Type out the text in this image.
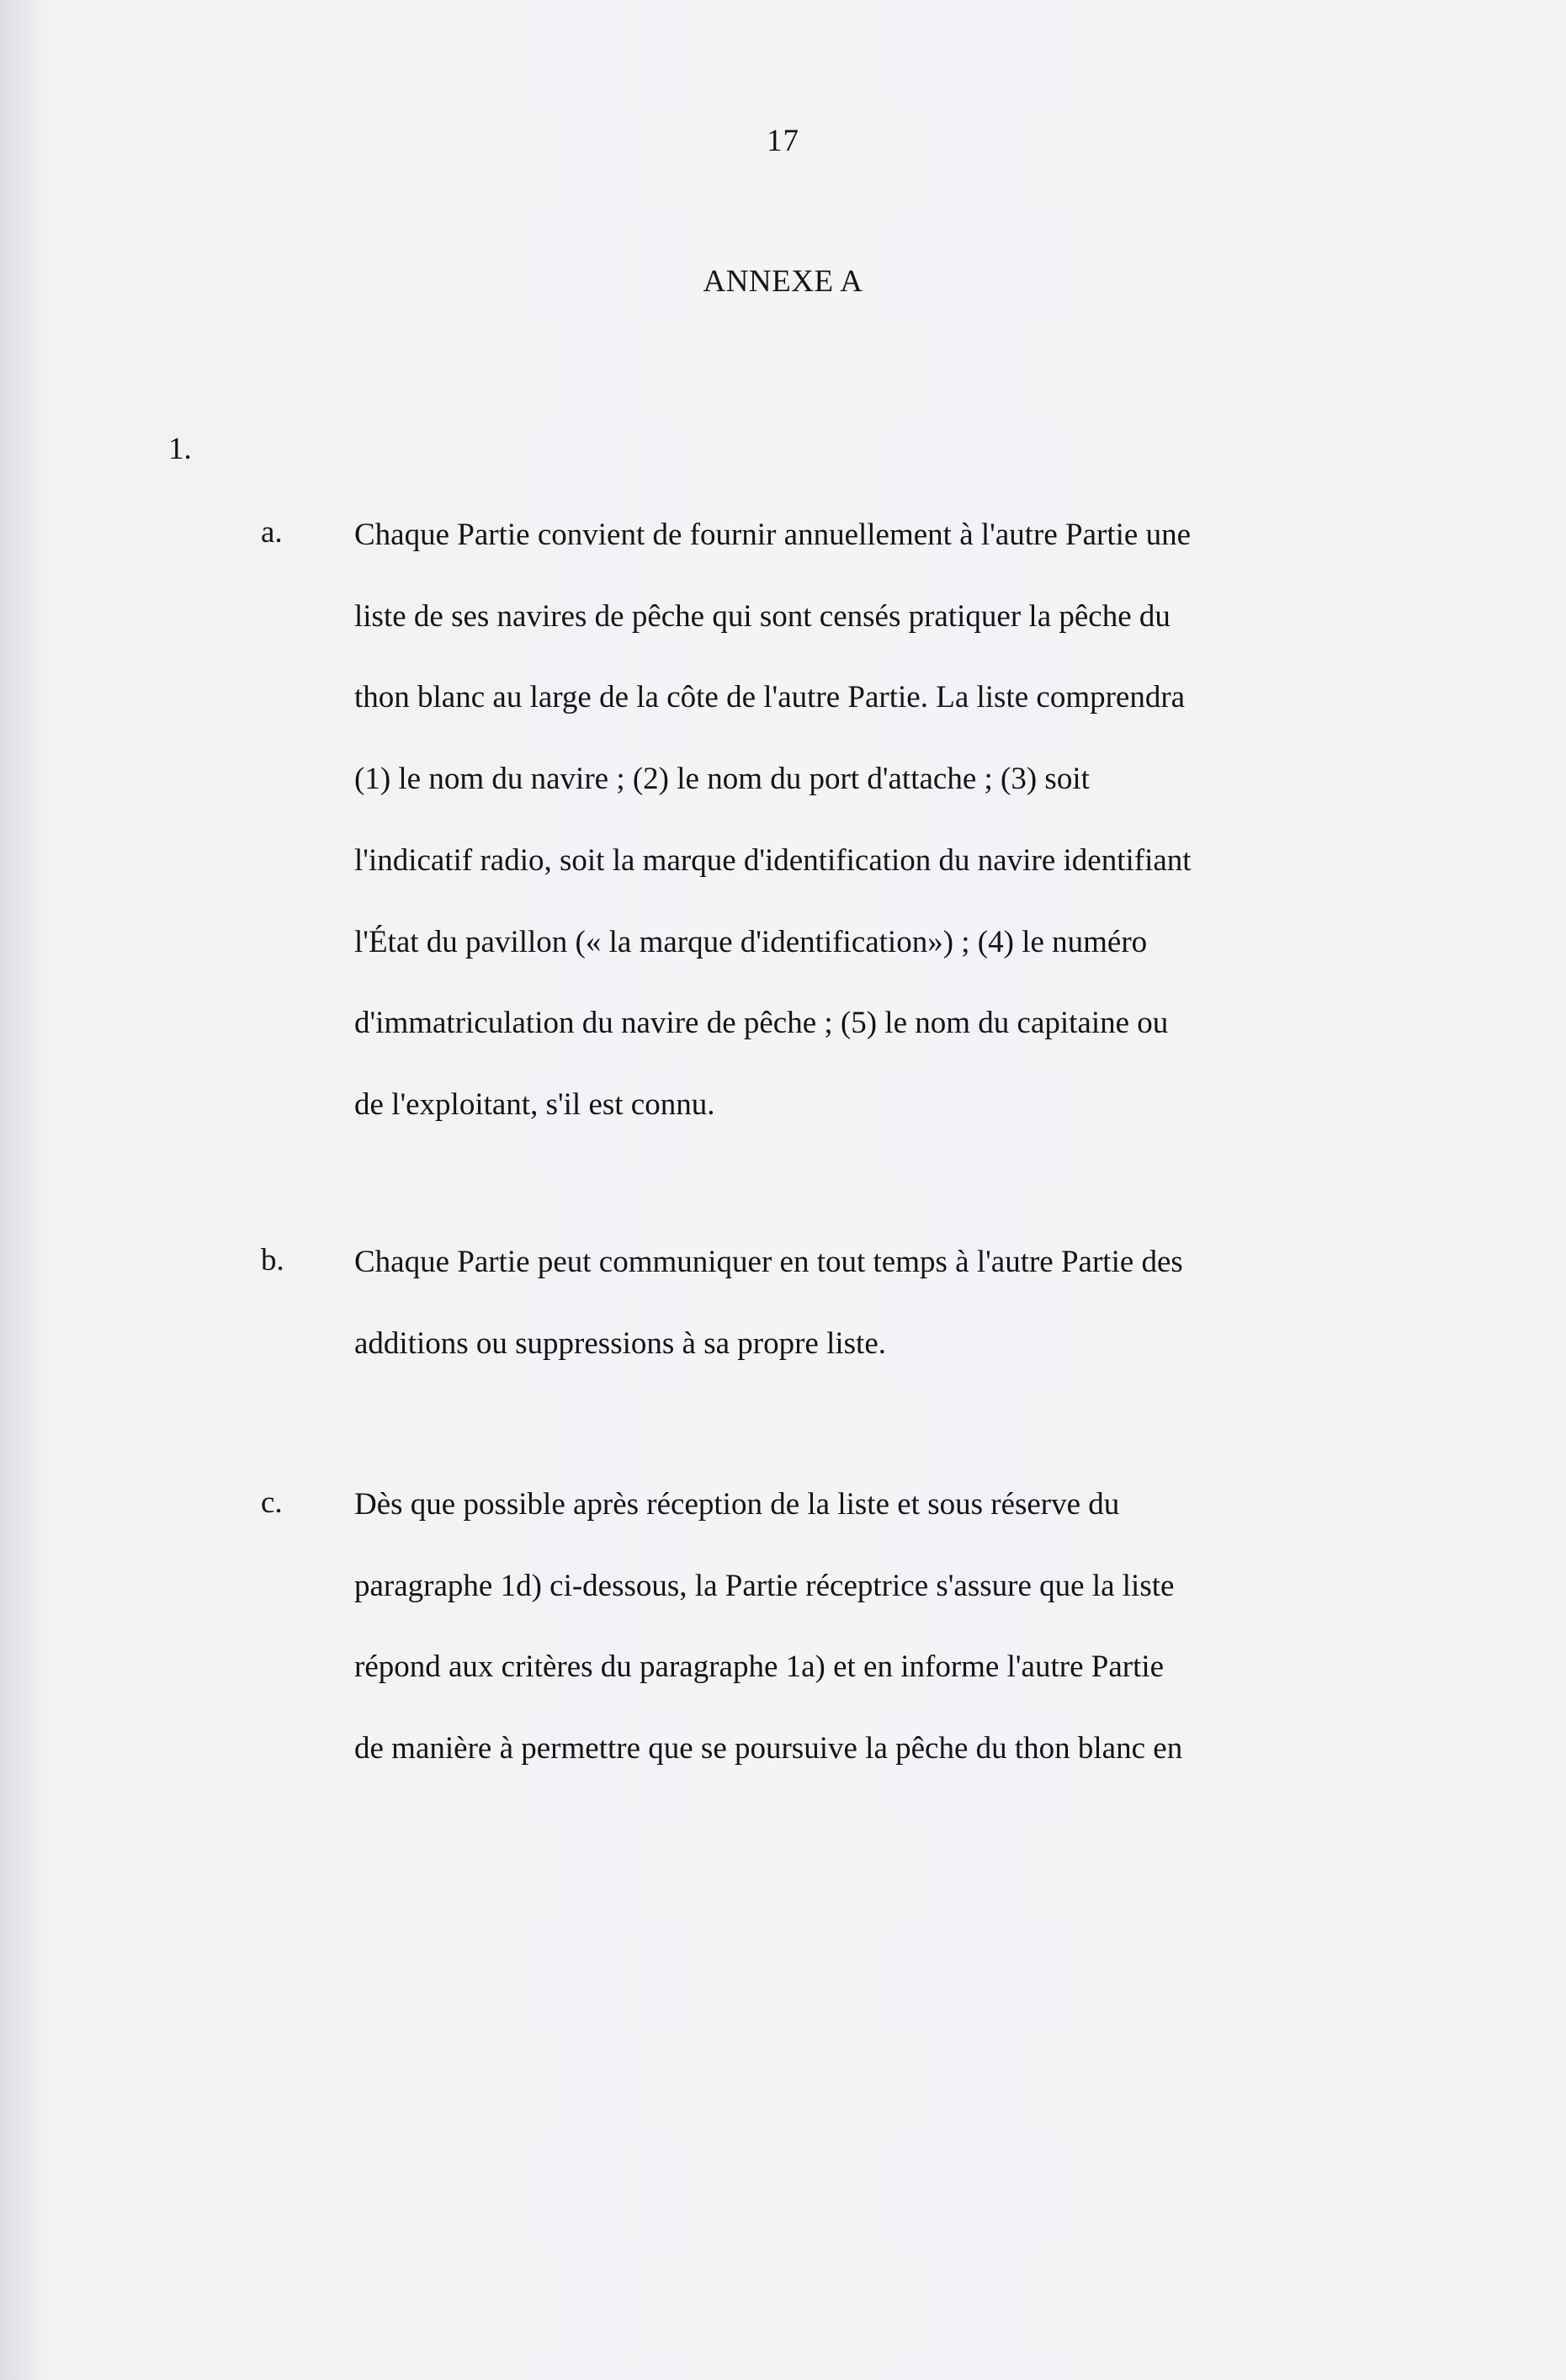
17
ANNEXE A
1.
a. Chaque Partie convient de fournir annuellement à l'autre Partie une
liste de ses navires de pêche qui sont censés pratiquer la pêche du
thon blanc au large de la côte de l'autre Partie. La liste comprendra
(1) le nom du navire ; (2) le nom du port d'attache ; (3) soit
l'indicatif radio, soit la marque d'identification du navire identifiant
l'État du pavillon (« la marque d'identification») ; (4) le numéro
d'immatriculation du navire de pêche ; (5) le nom du capitaine ou
de l'exploitant, s'il est connu.
b. Chaque Partie peut communiquer en tout temps à l'autre Partie des
additions ou suppressions à sa propre liste.
c. Dès que possible après réception de la liste et sous réserve du
paragraphe 1d) ci-dessous, la Partie réceptrice s'assure que la liste
répond aux critères du paragraphe 1a) et en informe l'autre Partie
de manière à permettre que se poursuive la pêche du thon blanc en
